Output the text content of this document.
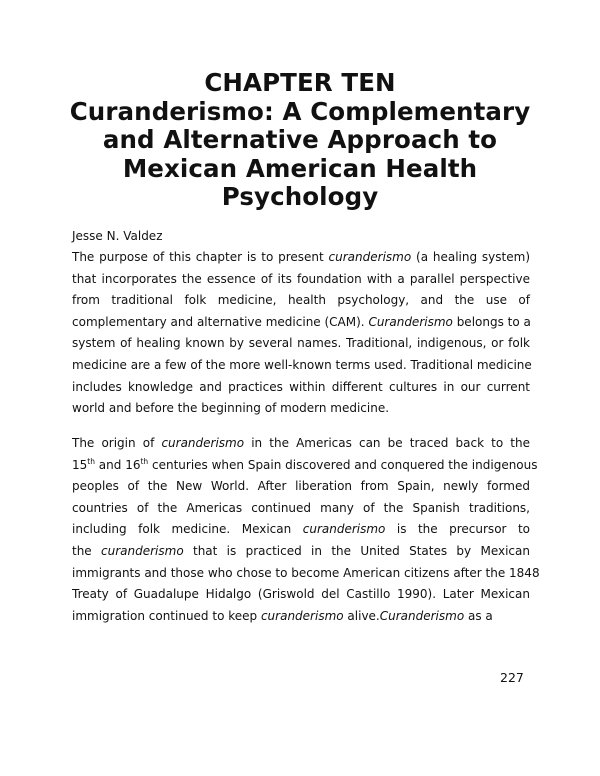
CHAPTER TEN
Curanderismo: A Complementary
and Alternative Approach to
Mexican American Health
Psychology
Jesse N. Valdez
The purpose of this chapter is to present curanderismo (a healing system)
that incorporates the essence of its foundation with a parallel perspective
from traditional folk medicine, health psychology, and the use of
complementary and alternative medicine (CAM). Curanderismo belongs to a
system of healing known by several names. Traditional, indigenous, or folk
medicine are a few of the more well-known terms used. Traditional medicine
includes knowledge and practices within different cultures in our current
world and before the beginning of modern medicine.
The origin of curanderismo in the Americas can be traced back to the
15th and 16th centuries when Spain discovered and conquered the indigenous
peoples of the New World. After liberation from Spain, newly formed
countries of the Americas continued many of the Spanish traditions,
including folk medicine. Mexican curanderismo is the precursor to
the curanderismo that is practiced in the United States by Mexican
immigrants and those who chose to become American citizens after the 1848
Treaty of Guadalupe Hidalgo (Griswold del Castillo 1990). Later Mexican
immigration continued to keep curanderismo alive.Curanderismo as a
227
